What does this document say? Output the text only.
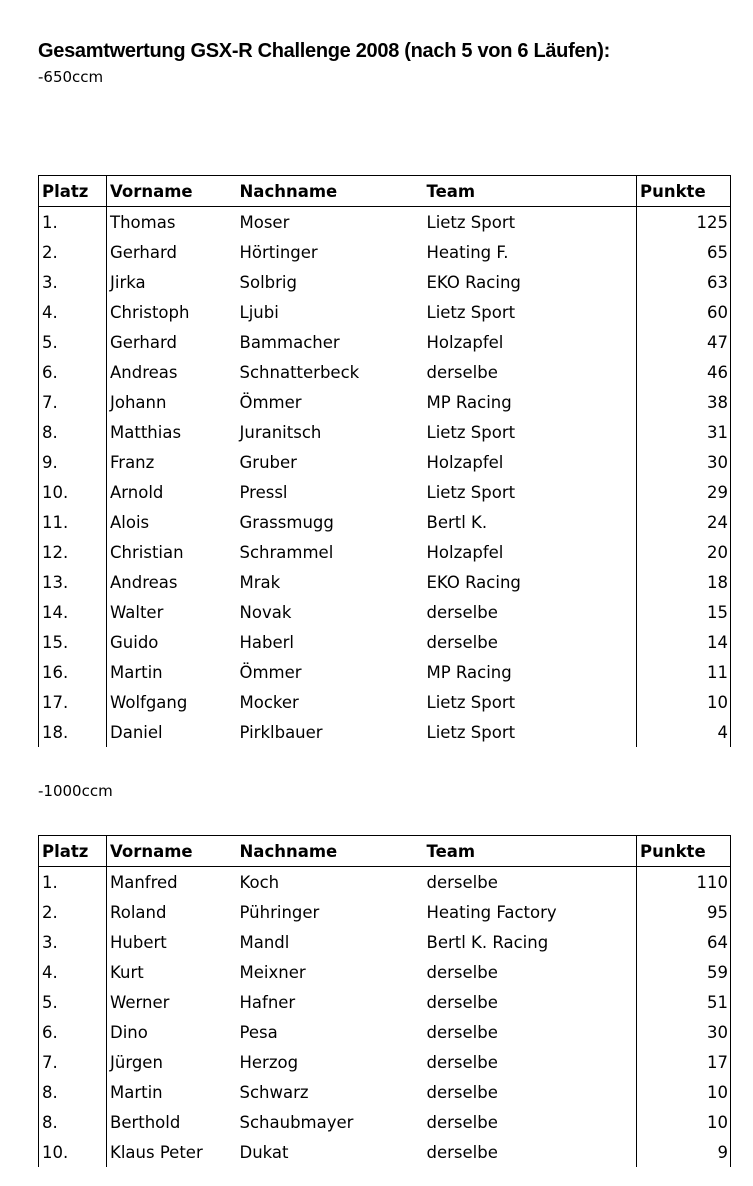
Gesamtwertung GSX-R Challenge 2008 (nach 5 von 6 Läufen):
-650ccm
Platz	Vorname	Nachname	Team	Punkte
1.	Thomas	Moser	Lietz Sport	125
2.	Gerhard	Hörtinger	Heating F.	65
3.	Jirka	Solbrig	EKO Racing	63
4.	Christoph	Ljubi	Lietz Sport	60
5.	Gerhard	Bammacher	Holzapfel	47
6.	Andreas	Schnatterbeck	derselbe	46
7.	Johann	Ömmer	MP Racing	38
8.	Matthias	Juranitsch	Lietz Sport	31
9.	Franz	Gruber	Holzapfel	30
10.	Arnold	Pressl	Lietz Sport	29
11.	Alois	Grassmugg	Bertl K.	24
12.	Christian	Schrammel	Holzapfel	20
13.	Andreas	Mrak	EKO Racing	18
14.	Walter	Novak	derselbe	15
15.	Guido	Haberl	derselbe	14
16.	Martin	Ömmer	MP Racing	11
17.	Wolfgang	Mocker	Lietz Sport	10
18.	Daniel	Pirklbauer	Lietz Sport	4
-1000ccm
Platz	Vorname	Nachname	Team	Punkte
1.	Manfred	Koch	derselbe	110
2.	Roland	Pühringer	Heating Factory	95
3.	Hubert	Mandl	Bertl K. Racing	64
4.	Kurt	Meixner	derselbe	59
5.	Werner	Hafner	derselbe	51
6.	Dino	Pesa	derselbe	30
7.	Jürgen	Herzog	derselbe	17
8.	Martin	Schwarz	derselbe	10
8.	Berthold	Schaubmayer	derselbe	10
10.	Klaus Peter	Dukat	derselbe	9
